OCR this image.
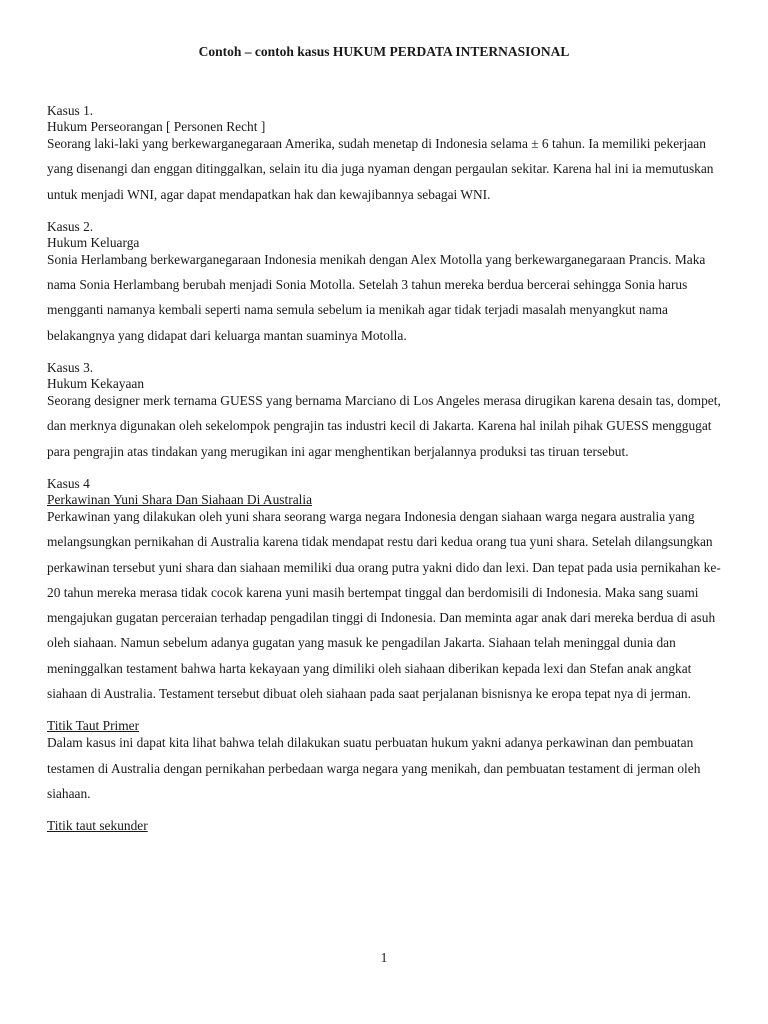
Contoh – contoh kasus HUKUM PERDATA INTERNASIONAL
Kasus 1.
Hukum Perseorangan [ Personen Recht ]

Seorang laki-laki yang berkewarganegaraan Amerika, sudah menetap di Indonesia selama ± 6 tahun. Ia memiliki pekerjaan yang disenangi dan enggan ditinggalkan, selain itu dia juga nyaman dengan pergaulan sekitar. Karena hal ini ia memutuskan untuk menjadi WNI, agar dapat mendapatkan hak dan kewajibannya sebagai WNI.

Kasus 2.
Hukum Keluarga

Sonia Herlambang berkewarganegaraan Indonesia menikah dengan Alex Motolla yang berkewarganegaraan Prancis. Maka nama Sonia Herlambang berubah menjadi Sonia Motolla. Setelah 3 tahun mereka berdua bercerai sehingga Sonia harus mengganti namanya kembali seperti nama semula sebelum ia menikah agar tidak terjadi masalah menyangkut nama belakangnya yang didapat dari keluarga mantan suaminya Motolla.

Kasus 3.
Hukum Kekayaan

Seorang designer merk ternama GUESS yang bernama Marciano di Los Angeles merasa dirugikan karena desain tas, dompet, dan merknya digunakan oleh sekelompok pengrajin tas industri kecil di Jakarta. Karena hal inilah pihak GUESS menggugat para pengrajin atas tindakan yang merugikan ini agar menghentikan berjalannya produksi tas tiruan tersebut.

Kasus 4
Perkawinan Yuni Shara Dan Siahaan Di Australia

Perkawinan yang dilakukan oleh yuni shara seorang warga negara Indonesia dengan siahaan warga negara australia yang melangsungkan pernikahan di Australia karena tidak mendapat restu dari kedua orang tua yuni shara. Setelah dilangsungkan perkawinan tersebut yuni shara dan siahaan memiliki dua orang putra yakni dido dan lexi. Dan tepat pada usia pernikahan ke-20 tahun mereka merasa tidak cocok karena yuni masih bertempat tinggal dan berdomisili di Indonesia. Maka sang suami mengajukan gugatan perceraian terhadap pengadilan tinggi di Indonesia. Dan meminta agar anak dari mereka berdua di asuh oleh siahaan. Namun sebelum adanya gugatan yang masuk ke pengadilan Jakarta. Siahaan telah meninggal dunia dan meninggalkan testament bahwa harta kekayaan yang dimiliki oleh siahaan diberikan kepada lexi dan Stefan anak angkat siahaan di Australia. Testament tersebut dibuat oleh siahaan pada saat perjalanan bisnisnya ke eropa tepat nya di jerman.

Titik Taut Primer

Dalam kasus ini dapat kita lihat bahwa telah dilakukan suatu perbuatan hukum yakni adanya perkawinan dan pembuatan testamen di Australia dengan pernikahan perbedaan warga negara yang menikah, dan pembuatan testament di jerman oleh siahaan.

Titik taut sekunder
1
